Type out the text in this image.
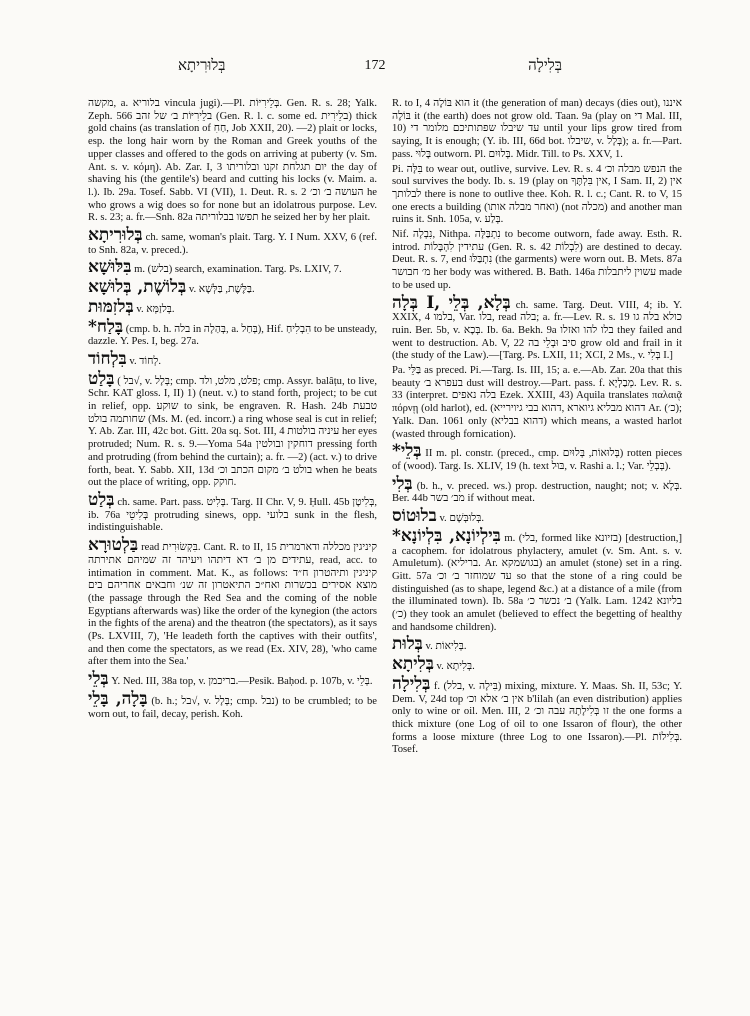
בְּלוּרִיתָא	172	בְּלִילָה

מקשה, a. בלוריא vincula jugi).—Pl. בְּלֵירִיּוֹת. Gen. R. s. 28; Yalk. Zeph. 566 בלֵירִיּוֹת ב׳ של זהב (Gen. R. l. c. some ed. בלֵירִית) thick gold chains (as translation of חַחִ, Job XXII, 20). —2) plait or locks, esp. the long hair worn by the Roman and Greek youths of the upper classes and offered to the gods on arriving at puberty (v. Sm. Ant. s. v. κόμη). Ab. Zar. I, 3 יום תגלחת זקנו ובלוריתו the day of shaving his (the gentile's) beard and cutting his locks (v. Maim. a. l.). Ib. 29a. Tosef. Sabb. VI (VII), 1. Deut. R. s. 2 העושה ב׳ וכ׳ he who grows a wig does so for none but an idolatrous purpose. Lev. R. s. 23; a. fr.—Snh. 82a תפשו בבלוריתה he seized her by her plait.

בְּלוּרִיתָא ch. same, woman's plait. Targ. Y. I Num. XXV, 6 (ref. to Snh. 82a, v. preced.).

בִּלּוּשָׁא m. (בלש) search, examination. Targ. Ps. LXIV, 7.

בְּלוֹשֶׁת, בְּלוּשָׁא v. בַּלֶּשֶׁת, בַּלְּשָׁא.

בְּלזִמּוּת v. בְּלזַמְּא.

*בָּלַח (cmp. b. h. בלה in בְּהַלָה, a. בְּחַל), Hif. הִבְלִיחַ to be unsteady, dazzle. Y. Pes. I, beg. 27a.

בִּלְחוֹד v. לְחוֹד.

בָּלַט ( בל√, v. בְּלָל; cmp. פלט, מלט, ולד; cmp. Assyr. balâṭu, to live, Schr. KAT gloss. I, II) 1) (neut. v.) to stand forth, project; to be cut in relief, opp. שוקע to sink, be engraven. R. Hash. 24b טבעת שחותמה בולט (Ms. M. (ed. incorr.) a ring whose seal is cut in relief; Y. Ab. Zar. III, 42c bot. Gitt. 20a sq. Sot. III, 4 עיניה בולטות her eyes protruded; Num. R. s. 9.—Yoma 54a דוחקין ובולטין pressing forth and protruding (from behind the curtain); a. fr. —2) (act. v.) to drive forth, beat. Y. Sabb. XII, 13d בולט ב׳ מקום הכתב וכ׳ when he beats out the place of writing, opp. חוקק.

בְּלַט ch. same. Part. pass. בְּלִיט. Targ. II Chr. V, 9. Ḥull. 45b בְּלִיטָן, ib. 76a בְּלִיטֵי protruding sinews, opp. בלועי sunk in the flesh, indistinguishable.

בַּלְטוּרָא read בִּקְשׂוּרִית. Cant. R. to II, 15 קיניגין מכללה ודארמרית עתידים מן ב׳ דא דיתהו ויעיהד זה שמיהם אתירתה, read, acc. to intimation in comment. Mat. K., as follows: קיניגין ותיהטרון ח״ד מוצא אסירים בכשרות ואח״כ התיאטרון זה שנ׳ וחבאים אחריהם בים (the passage through the Red Sea and the coming of the noble Egyptians afterwards was) like the order of the kynegion (the actors in the fights of the arena) and the theatron (the spectators), as it says (Ps. LXVIII, 7), 'He leadeth forth the captives with their outfits', and then come the spectators, as we read (Ex. XIV, 28), 'who came after them into the Sea.'

בְּלֵי Y. Ned. III, 38a top, v. בריכמן.—Pesik. Baḥod. p. 107b, v. בְּלֵי.

בָּלָה, בָּלֵי (b. h.; בל√, v. בְּלָל; cmp. נבל) to be crumbled; to be worn out, to fail, decay, perish. Koh.

R. to I, 4 הוא בּוֹלֶה it (the generation of man) decays (dies out), איננו בּוֹלֶה it (the earth) does not grow old. Taan. 9a (play on די Mal. III, 10) עד שיבלו שפתותיכם מלומר די until your lips grow tired from saying, It is enough; (Y. ib. III, 66d bot. שיבלו, v. בְּלָל); a. fr.—Part. pass. בָּלוּי outworn. Pl. בְּלוּיִם. Midr. Till. to Ps. XXV, 1.

Pi. בִּלָּה to wear out, outlive, survive. Lev. R. s. 4 הנפש מבלה וכ׳ the soul survives the body. Ib. s. 19 (play on אין בִּלְתֶּךָ, I Sam. II, 2) אין לבלותך there is none to outlive thee. Koh. R. l. c.; Cant. R. to V, 15 one erects a building (ואחר מבלה אותו) (not מכלה) and another man ruins it. Snh. 105a, v. בְּלַע.

Nif. נִבְלָה, Nithpa. נִתְבַּלָּה to become outworn, fade away. Esth. R. introd. עתידין לִהְבָּלוֹת (Gen. R. s. 42 לִבְלוֹת) are destined to decay. Deut. R. s. 7, end נִתְבַּלּוּ (the garments) were worn out. B. Mets. 87a מ׳ חבושר her body was withered. B. Bath. 146a עשוין ליתבלות made to be used up.

בְּלָה I, בְּלָא, בְּלֵי ch. same. Targ. Deut. VIII, 4; ib. Y. XXIX, 4 בלמו, Var. בלו, read בלה; a. fr.—Lev. R. s. 19 כולא בלה גו ruin. Ber. 5b, v. בְּכָא. Ib. 6a. Bekh. 9a בלו להו ואזלו they failed and went to destruction. Ab. V, 22 סיב וּבְלֵי בה grow old and frail in it (the study of the Law).—[Targ. Ps. LXII, 11; XCI, 2 Ms., v. בְּלִי I.]

Pa. בַּלֵּי as preced. Pi.—Targ. Is. III, 15; a. e.—Ab. Zar. 20a that this beauty בעפרא ב׳ dust will destroy.—Part. pass. f. מְבַלְיָא. Lev. R. s. 33 (interpret. בלה נאפים Ezek. XXIII, 43) Aquila translates παλαιᾷ πόρνῃ (old harlot), ed. (דהוא מבליא גיוארא ,דהוא בבי גיוירייא Ar. (כ׳); Yalk. Dan. 1061 only (דהוא בבליא) which means, a wasted harlot (wasted through fornication).

*בְּלֵי II m. pl. constr. (preced., cmp. בְּלוּאוֹת, בְּלוּיִם) rotten pieces of (wood). Targ. Is. XLIV, 19 (h. text בּוּל, v. Rashi a. l.; Var. בְּבְלֵי).

בְּלִי (b. h., v. preced. ws.) prop. destruction, naught; not; v. בְּלָא. Ber. 44b מב׳ בשר if without meat.

בלוּטוֹס v. בְּלוּבְּשָׁם.

*בִּילְיוֹנָא, בִּלְיוֹנָא m. (בלי, formed like בזיונא) [destruction,] a cacophem. for idolatrous phylactery, amulet (v. Sm. Ant. s. v. Amuletum). (בריליא. Ar. בגושמקא) an amulet (stone) set in a ring. Gitt. 57a עד שמוחזר ב׳ וכ׳ so that the stone of a ring could be distinguished (as to shape, legend &c.) at a distance of a mile (from the illuminated town). Ib. 58a ב׳ נכשר כ׳ (Yalk. Lam. 1242 בליונא (כ׳) they took an amulet (believed to effect the begetting of healthy and handsome children).

בְּלוּת v. בְּלִיאוֹת.

בְּלִיתָא v. בְּלִיתָא.

בְּלִילָה f. (בלל, v. בִּילָה) mixing, mixture. Y. Maas. Sh. II, 53c; Y. Dem. V, 24d top אין ב׳ אלא וכ׳ b'lilah (an even distribution) applies only to wine or oil. Men. III, 2 זו בְּלִילָתָהּ עבה וכ׳ the one forms a thick mixture (one Log of oil to one Issaron of flour), the other forms a loose mixture (three Log to one Issaron).—Pl. בְּלִילוֹת. Tosef.
